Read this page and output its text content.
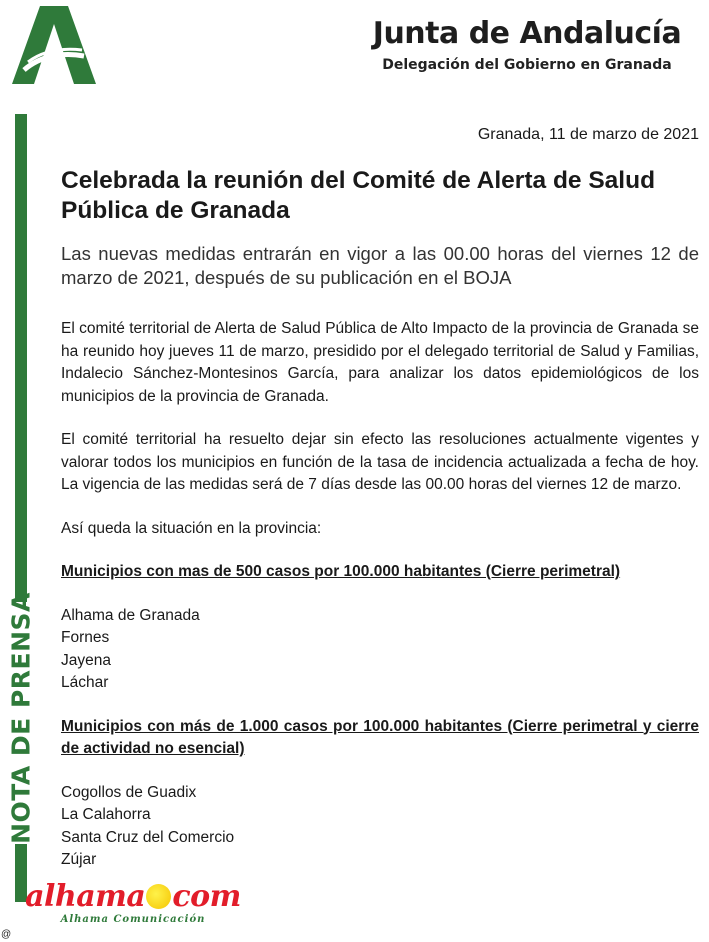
Junta de Andalucía
Delegación del Gobierno en Granada
NOTA DE PRENSA
Granada, 11 de marzo de 2021
Celebrada la reunión del Comité de Alerta de Salud Pública de Granada
Las nuevas medidas entrarán en vigor a las 00.00 horas del viernes 12 de marzo de 2021, después de su publicación en el BOJA

El comité territorial de Alerta de Salud Pública de Alto Impacto de la provincia de Granada se ha reunido hoy jueves 11 de marzo, presidido por el delegado territorial de Salud y Familias, Indalecio Sánchez-Montesinos García, para analizar los datos epidemiológicos de los municipios de la provincia de Granada.

El comité territorial ha resuelto dejar sin efecto las resoluciones actualmente vigentes y valorar todos los municipios en función de la tasa de incidencia actualizada a fecha de hoy. La vigencia de las medidas será de 7 días desde las 00.00 horas del viernes 12 de marzo.

Así queda la situación en la provincia:

Municipios con mas de 500 casos por 100.000 habitantes (Cierre perimetral)
Alhama de Granada
Fornes
Jayena
Láchar
Municipios con más de 1.000 casos por 100.000 habitantes (Cierre perimetral y cierre de actividad no esencial)
Cogollos de Guadix
La Calahorra
Santa Cruz del Comercio
Zújar
alhama com
Alhama Comunicación
@
